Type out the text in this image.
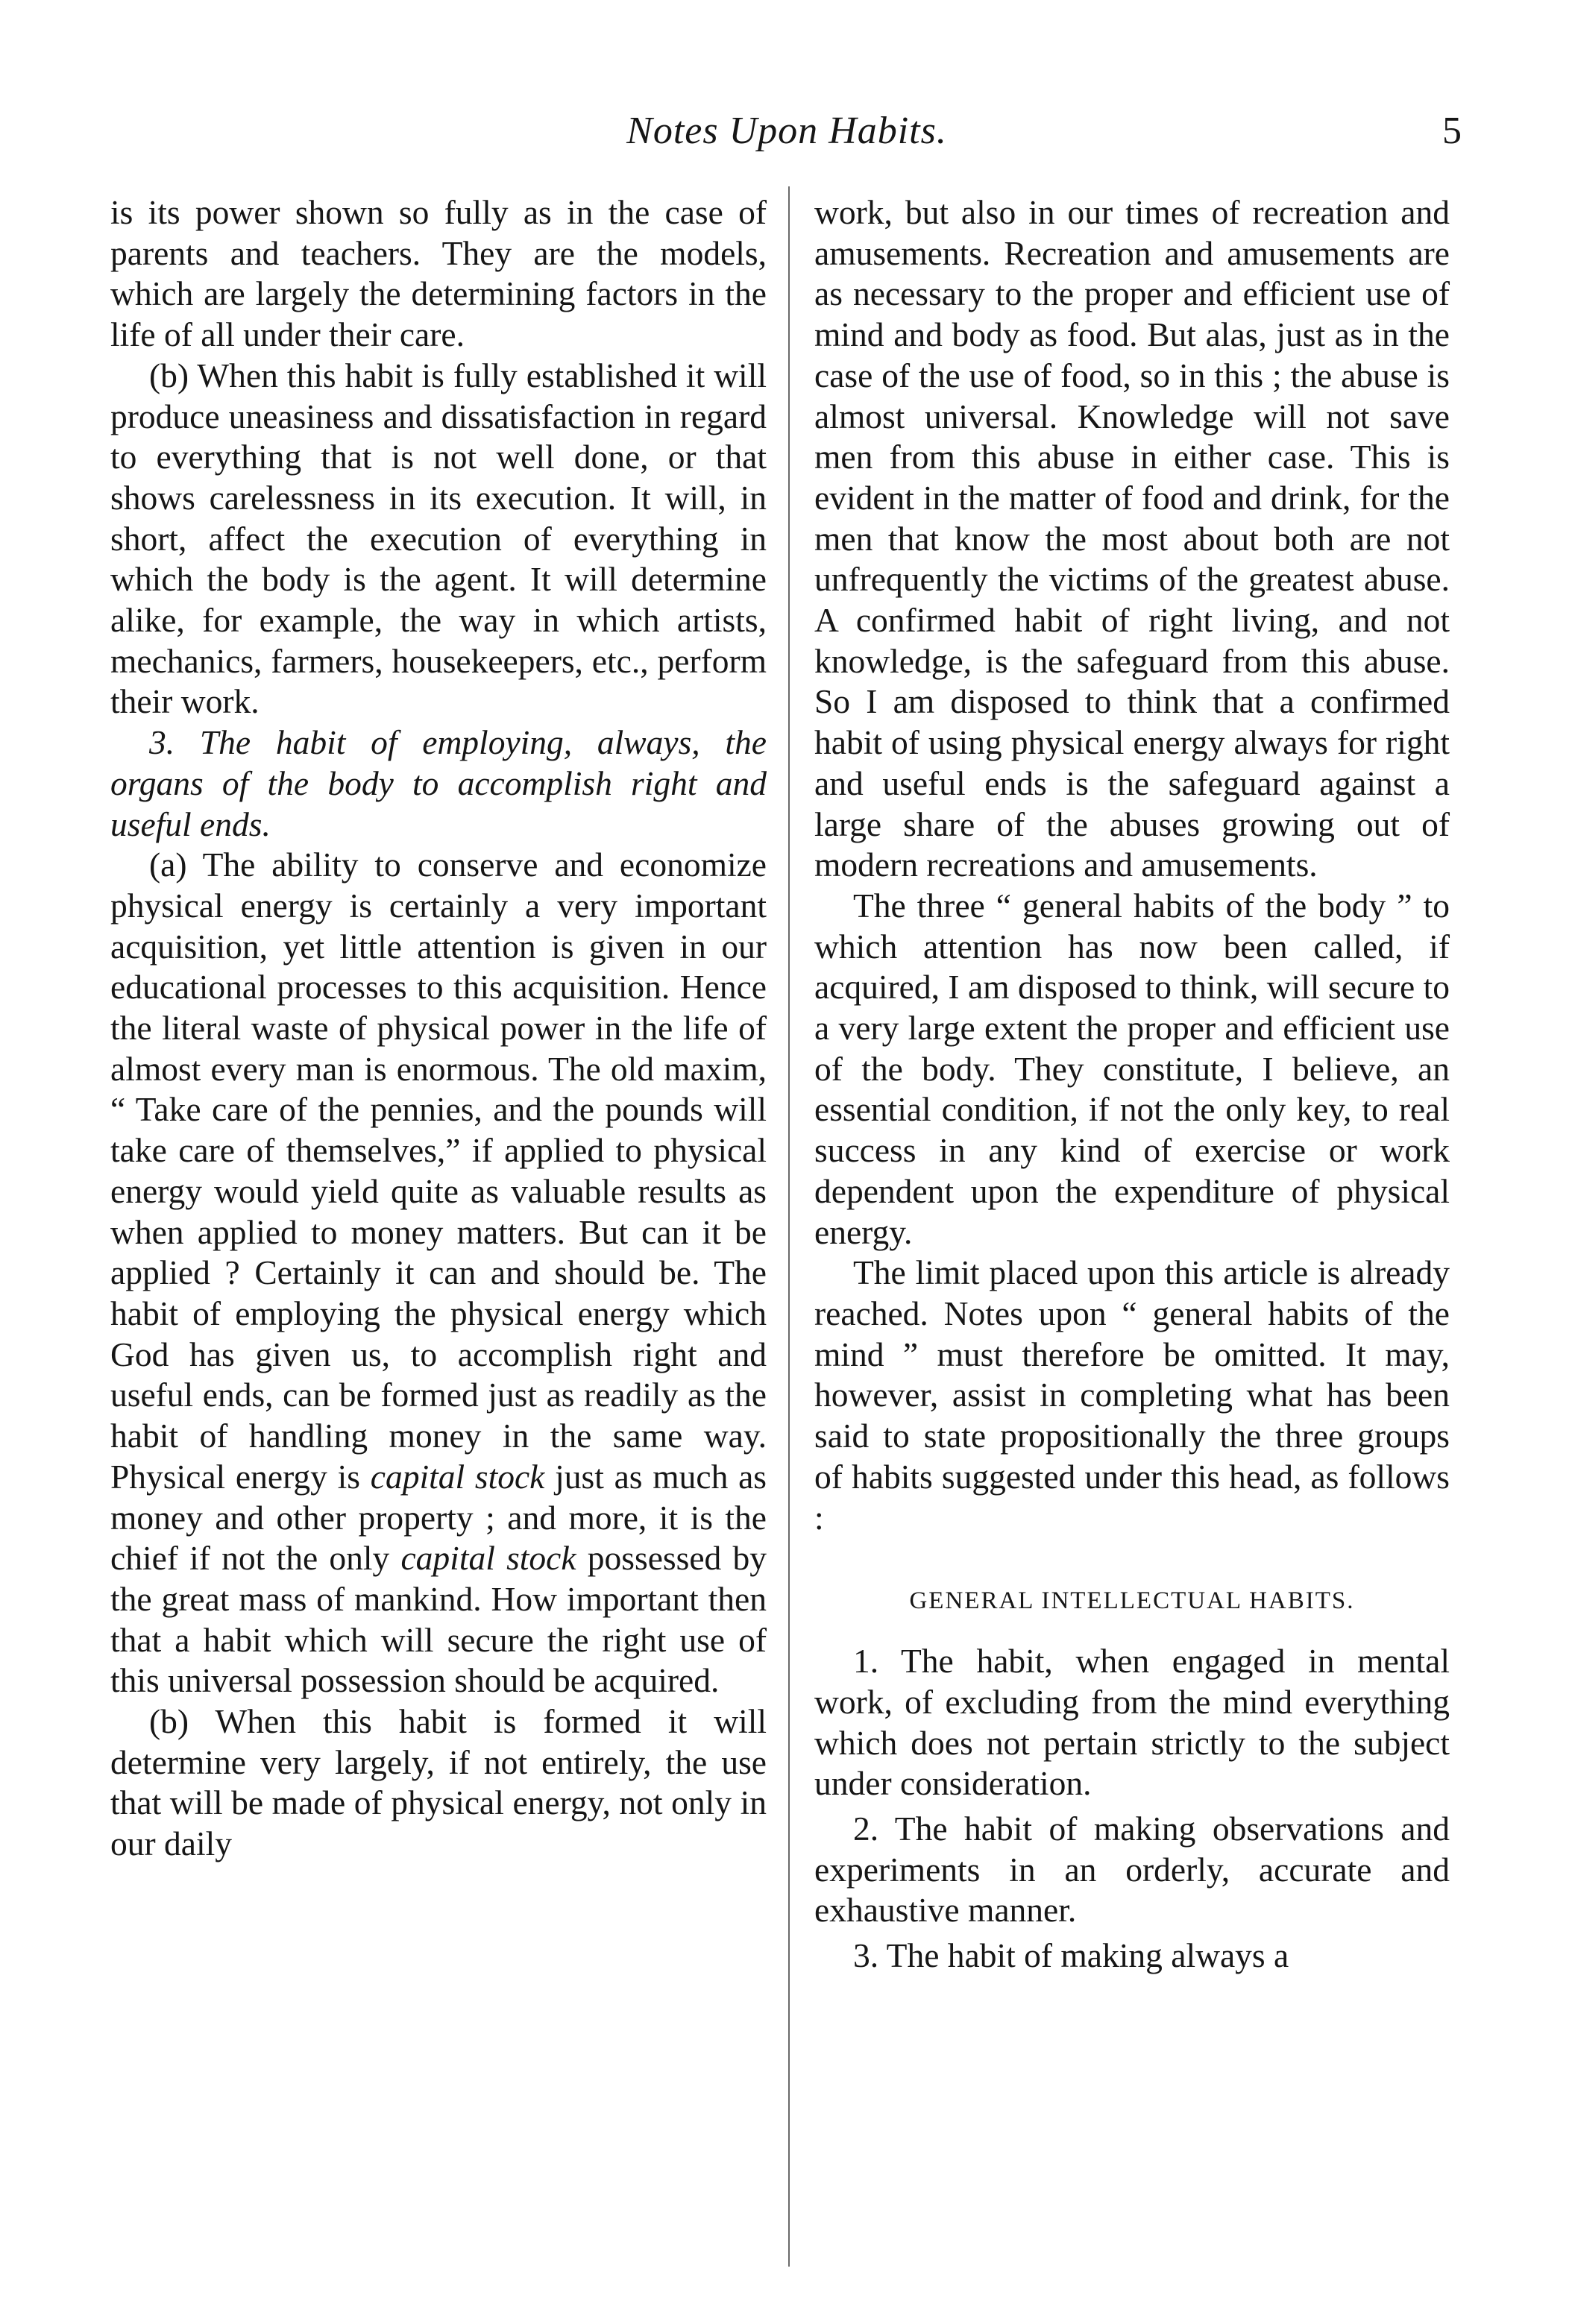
Notes Upon Habits.	5

is its power shown so fully as in the case of parents and teachers. They are the models, which are largely the determining factors in the life of all under their care.

(b) When this habit is fully established it will produce uneasiness and dissatisfaction in regard to everything that is not well done, or that shows carelessness in its execution. It will, in short, affect the execution of everything in which the body is the agent. It will determine alike, for example, the way in which artists, mechanics, farmers, housekeepers, etc., perform their work.

3. The habit of employing, always, the organs of the body to accomplish right and useful ends.

(a) The ability to conserve and economize physical energy is certainly a very important acquisition, yet little attention is given in our educational processes to this acquisition. Hence the literal waste of physical power in the life of almost every man is enormous. The old maxim, “ Take care of the pennies, and the pounds will take care of themselves,” if applied to physical energy would yield quite as valuable results as when applied to money matters. But can it be applied ? Certainly it can and should be. The habit of employing the physical energy which God has given us, to accomplish right and useful ends, can be formed just as readily as the habit of handling money in the same way. Physical energy is capital stock just as much as money and other property ; and more, it is the chief if not the only capital stock possessed by the great mass of mankind. How important then that a habit which will secure the right use of this universal possession should be acquired.

(b) When this habit is formed it will determine very largely, if not entirely, the use that will be made of physical energy, not only in our daily

work, but also in our times of recreation and amusements. Recreation and amusements are as necessary to the proper and efficient use of mind and body as food. But alas, just as in the case of the use of food, so in this ; the abuse is almost universal. Knowledge will not save men from this abuse in either case. This is evident in the matter of food and drink, for the men that know the most about both are not unfrequently the victims of the greatest abuse. A confirmed habit of right living, and not knowledge, is the safeguard from this abuse. So I am disposed to think that a confirmed habit of using physical energy always for right and useful ends is the safeguard against a large share of the abuses growing out of modern recreations and amusements.

The three “ general habits of the body ” to which attention has now been called, if acquired, I am disposed to think, will secure to a very large extent the proper and efficient use of the body. They constitute, I believe, an essential condition, if not the only key, to real success in any kind of exercise or work dependent upon the expenditure of physical energy.

The limit placed upon this article is already reached. Notes upon “ general habits of the mind ” must therefore be omitted. It may, however, assist in completing what has been said to state propositionally the three groups of habits suggested under this head, as follows :

GENERAL INTELLECTUAL HABITS.

1. The habit, when engaged in mental work, of excluding from the mind everything which does not pertain strictly to the subject under consideration.

2. The habit of making observations and experiments in an orderly, accurate and exhaustive manner.

3. The habit of making always a
